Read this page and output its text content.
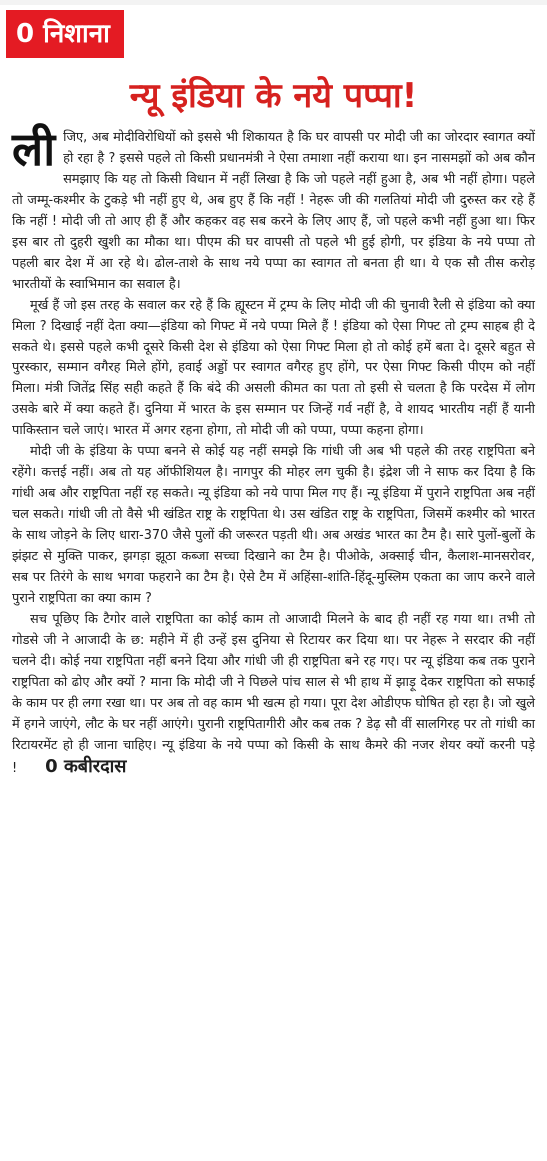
0 निशाना
न्यू इंडिया के नये पप्पा!

लीजिए, अब मोदीविरोधियों को इससे भी शिकायत है कि घर वापसी पर मोदी जी का जोरदार स्वागत क्यों हो रहा है ? इससे पहले तो किसी प्रधानमंत्री ने ऐसा तमाशा नहीं कराया था। इन नासमझों को अब कौन समझाए कि यह तो किसी विधान में नहीं लिखा है कि जो पहले नहीं हुआ है, अब भी नहीं होगा। पहले तो जम्मू-कश्मीर के टुकड़े भी नहीं हुए थे, अब हुए हैं कि नहीं ! नेहरू जी की गलतियां मोदी जी दुरुस्त कर रहे हैं कि नहीं ! मोदी जी तो आए ही हैं और कहकर वह सब करने के लिए आए हैं, जो पहले कभी नहीं हुआ था। फिर इस बार तो दुहरी खुशी का मौका था। पीएम की घर वापसी तो पहले भी हुई होगी, पर इंडिया के नये पप्पा तो पहली बार देश में आ रहे थे। ढोल-ताशे के साथ नये पप्पा का स्वागत तो बनता ही था। ये एक सौ तीस करोड़ भारतीयों के स्वाभिमान का सवाल है।

मूर्ख हैं जो इस तरह के सवाल कर रहे हैं कि ह्यूस्टन में ट्रम्प के लिए मोदी जी की चुनावी रैली से इंडिया को क्या मिला ? दिखाई नहीं देता क्या—इंडिया को गिफ्ट में नये पप्पा मिले हैं ! इंडिया को ऐसा गिफ्ट तो ट्रम्प साहब ही दे सकते थे। इससे पहले कभी दूसरे किसी देश से इंडिया को ऐसा गिफ्ट मिला हो तो कोई हमें बता दे। दूसरे बहुत से पुरस्कार, सम्मान वगैरह मिले होंगे, हवाई अड्डों पर स्वागत वगैरह हुए होंगे, पर ऐसा गिफ्ट किसी पीएम को नहीं मिला। मंत्री जितेंद्र सिंह सही कहते हैं कि बंदे की असली कीमत का पता तो इसी से चलता है कि परदेस में लोग उसके बारे में क्या कहते हैं। दुनिया में भारत के इस सम्मान पर जिन्हें गर्व नहीं है, वे शायद भारतीय नहीं हैं यानी पाकिस्तान चले जाएं। भारत में अगर रहना होगा, तो मोदी जी को पप्पा, पप्पा कहना होगा।

मोदी जी के इंडिया के पप्पा बनने से कोई यह नहीं समझे कि गांधी जी अब भी पहले की तरह राष्ट्रपिता बने रहेंगे। कत्तई नहीं। अब तो यह ऑफीशियल है। नागपुर की मोहर लग चुकी है। इंद्रेश जी ने साफ कर दिया है कि गांधी अब और राष्ट्रपिता नहीं रह सकते। न्यू इंडिया को नये पापा मिल गए हैं। न्यू इंडिया में पुराने राष्ट्रपिता अब नहीं चल सकते। गांधी जी तो वैसे भी खंडित राष्ट्र के राष्ट्रपिता थे। उस खंडित राष्ट्र के राष्ट्रपिता, जिसमें कश्मीर को भारत के साथ जोड़ने के लिए धारा-370 जैसे पुलों की जरूरत पड़ती थी। अब अखंड भारत का टैम है। सारे पुलों-बुलों के झंझट से मुक्ति पाकर, झगड़ा झूठा कब्जा सच्चा दिखाने का टैम है। पीओके, अक्साई चीन, कैलाश-मानसरोवर, सब पर तिरंगे के साथ भगवा फहराने का टैम है। ऐसे टैम में अहिंसा-शांति-हिंदू-मुस्लिम एकता का जाप करने वाले पुराने राष्ट्रपिता का क्या काम ?

सच पूछिए कि टैगोर वाले राष्ट्रपिता का कोई काम तो आजादी मिलने के बाद ही नहीं रह गया था। तभी तो गोडसे जी ने आजादी के छ: महीने में ही उन्हें इस दुनिया से रिटायर कर दिया था। पर नेहरू ने सरदार की नहीं चलने दी। कोई नया राष्ट्रपिता नहीं बनने दिया और गांधी जी ही राष्ट्रपिता बने रह गए। पर न्यू इंडिया कब तक पुराने राष्ट्रपिता को ढोए और क्यों ? माना कि मोदी जी ने पिछले पांच साल से भी हाथ में झाड़ू देकर राष्ट्रपिता को सफाई के काम पर ही लगा रखा था। पर अब तो वह काम भी खत्म हो गया। पूरा देश ओडीएफ घोषित हो रहा है। जो खुले में हगने जाएंगे, लौट के घर नहीं आएंगे। पुरानी राष्ट्रपितागीरी और कब तक ? डेढ़ सौ वीं सालगिरह पर तो गांधी का रिटायरमेंट हो ही जाना चाहिए। न्यू इंडिया के नये पप्पा को किसी के साथ कैमरे की नजर शेयर क्यों करनी पड़े ! 0 कबीरदास
